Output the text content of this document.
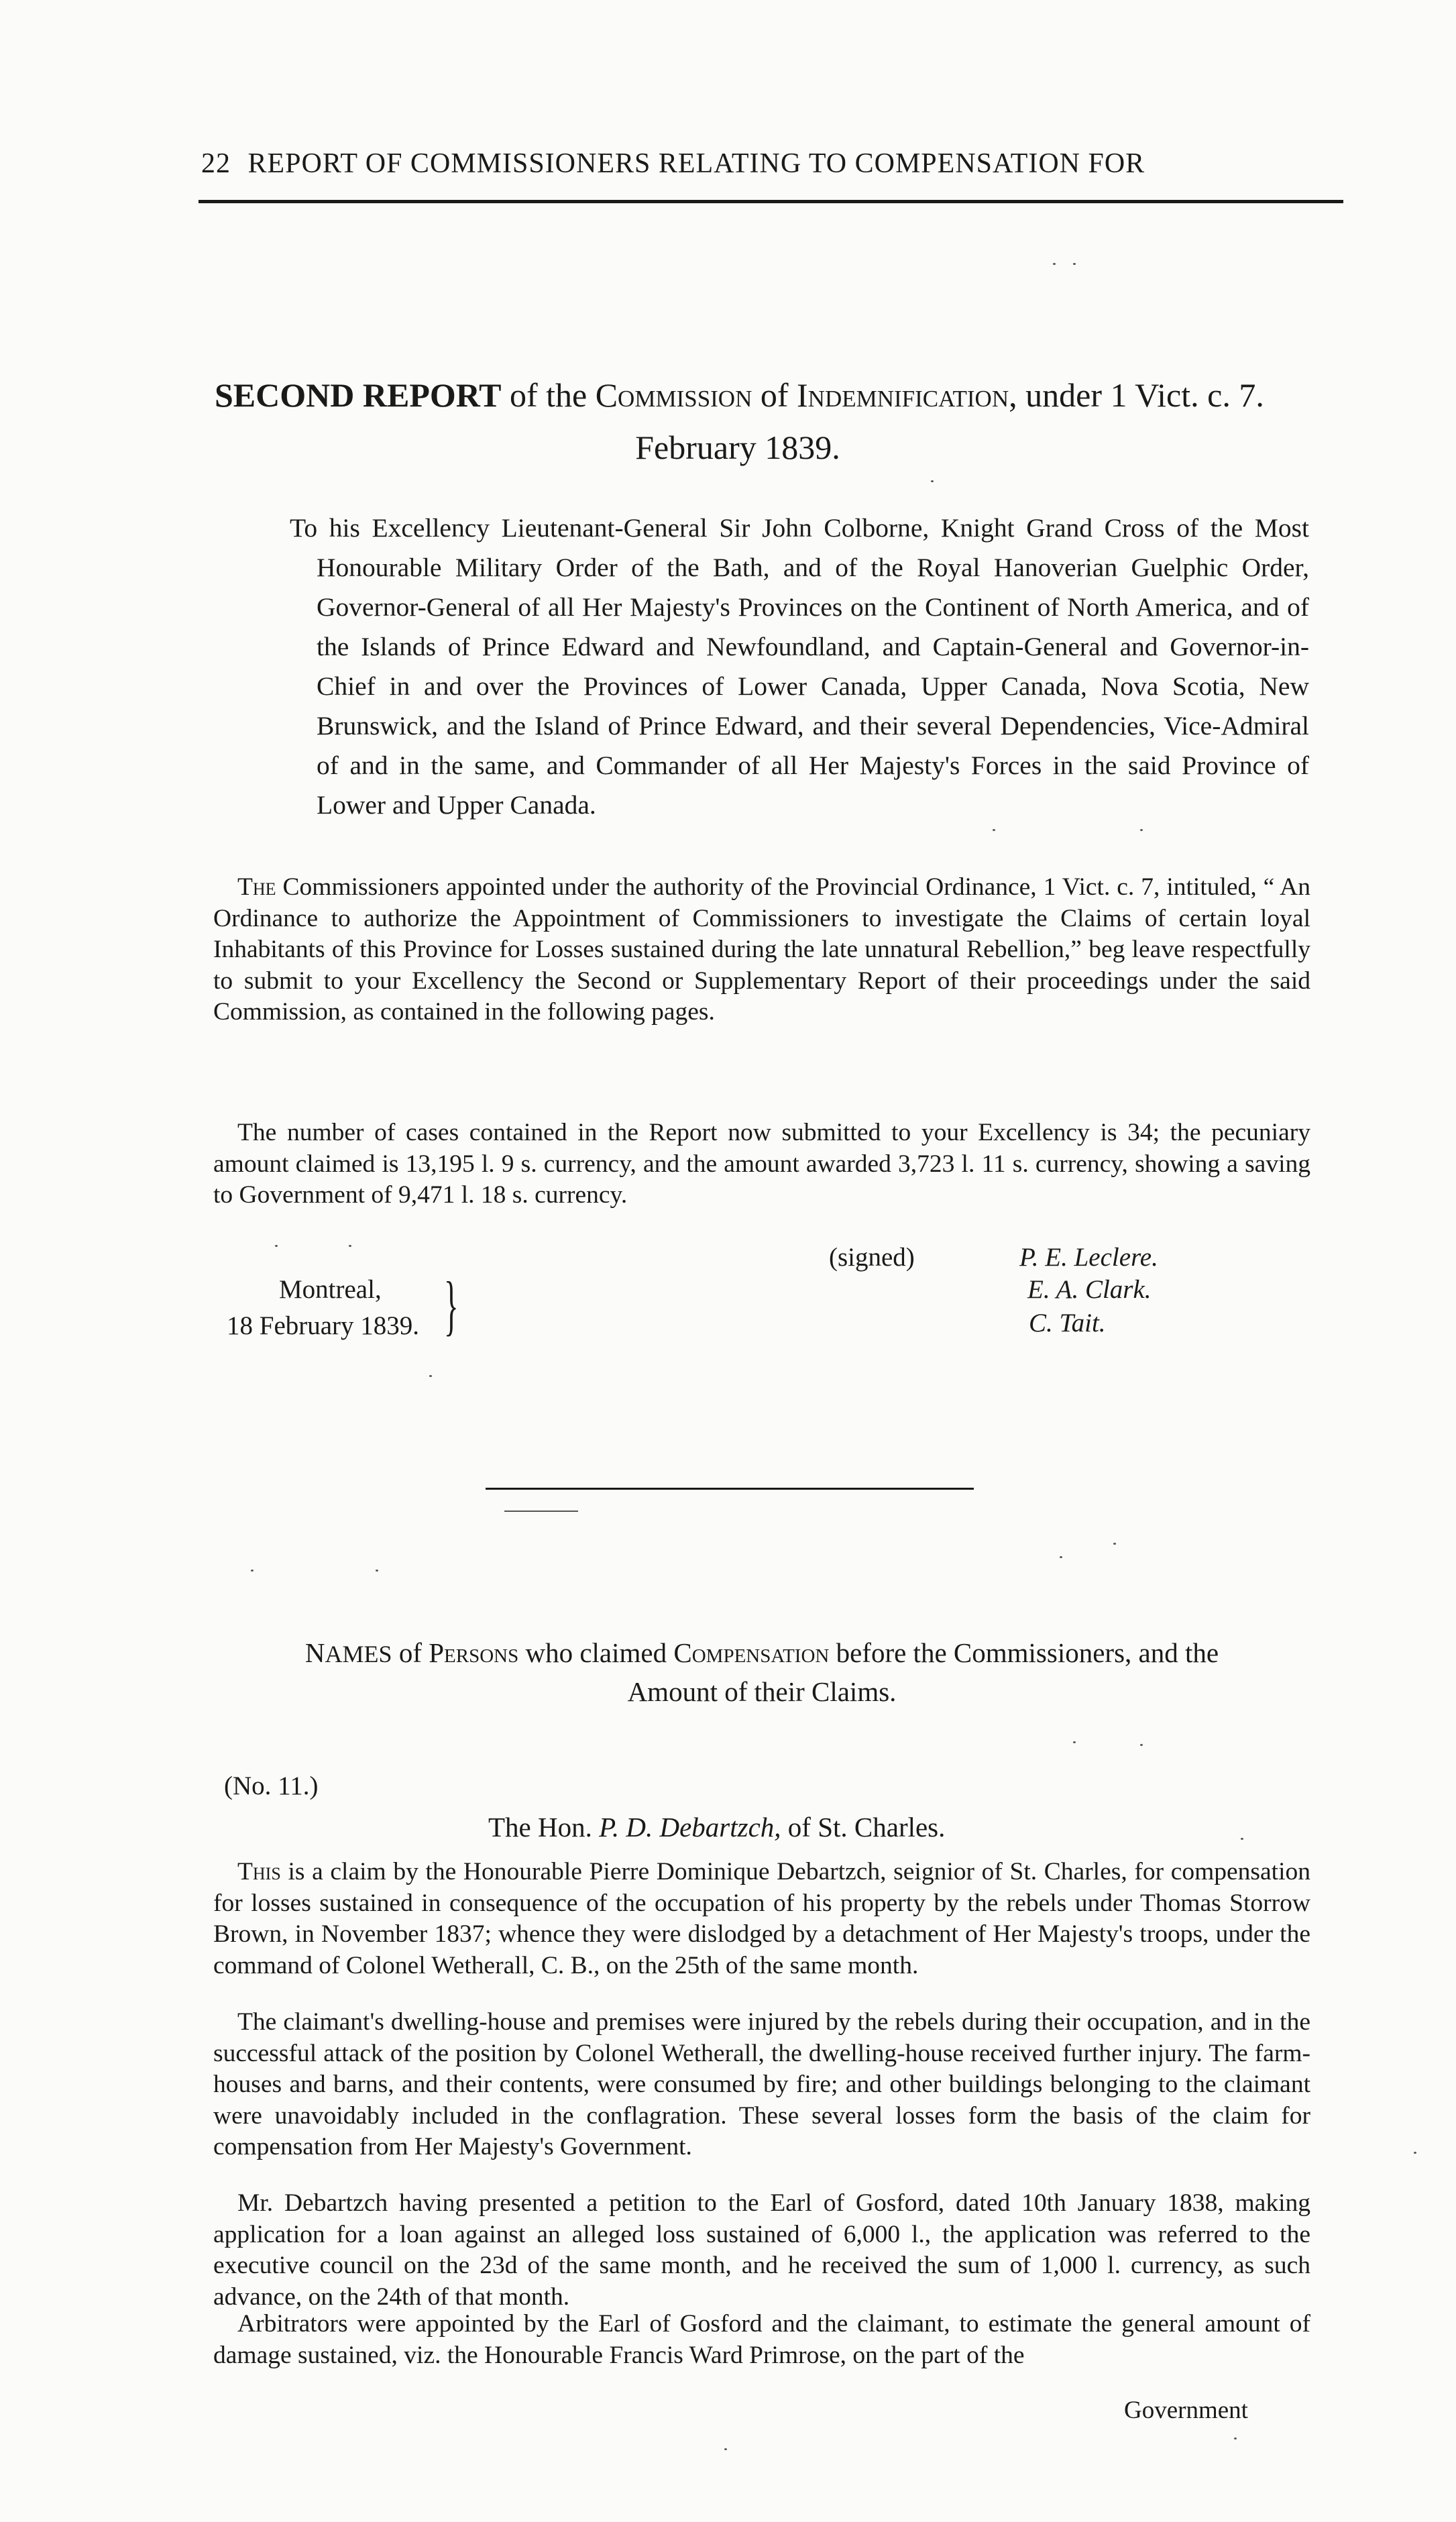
22 REPORT OF COMMISSIONERS RELATING TO COMPENSATION FOR
SECOND REPORT of the Commission of Indemnification, under 1 Vict. c. 7.
February 1839.
To his Excellency Lieutenant-General Sir John Colborne, Knight Grand Cross of the Most Honourable Military Order of the Bath, and of the Royal Hanoverian Guelphic Order, Governor-General of all Her Majesty's Provinces on the Continent of North America, and of the Islands of Prince Edward and Newfoundland, and Captain-General and Governor-in-Chief in and over the Provinces of Lower Canada, Upper Canada, Nova Scotia, New Brunswick, and the Island of Prince Edward, and their several Dependencies, Vice-Admiral of and in the same, and Commander of all Her Majesty's Forces in the said Province of Lower and Upper Canada.
The Commissioners appointed under the authority of the Provincial Ordinance, 1 Vict. c. 7, intituled, “ An Ordinance to authorize the Appointment of Commissioners to investigate the Claims of certain loyal Inhabitants of this Province for Losses sustained during the late unnatural Rebellion,” beg leave respectfully to submit to your Excellency the Second or Supplementary Report of their proceedings under the said Commission, as contained in the following pages.
The number of cases contained in the Report now submitted to your Excellency is 34; the pecuniary amount claimed is 13,195 l. 9 s. currency, and the amount awarded 3,723 l. 11 s. currency, showing a saving to Government of 9,471 l. 18 s. currency.
(signed)	P. E. Leclere.
E. A. Clark.
C. Tait.
Montreal,
18 February 1839. }
NAMES of Persons who claimed Compensation before the Commissioners, and the
Amount of their Claims.
(No. 11.)
The Hon. P. D. Debartzch, of St. Charles.
This is a claim by the Honourable Pierre Dominique Debartzch, seignior of St. Charles, for compensation for losses sustained in consequence of the occupation of his property by the rebels under Thomas Storrow Brown, in November 1837; whence they were dislodged by a detachment of Her Majesty's troops, under the command of Colonel Wetherall, C. B., on the 25th of the same month.
The claimant's dwelling-house and premises were injured by the rebels during their occupation, and in the successful attack of the position by Colonel Wetherall, the dwelling-house received further injury. The farm-houses and barns, and their contents, were consumed by fire; and other buildings belonging to the claimant were unavoidably included in the conflagration. These several losses form the basis of the claim for compensation from Her Majesty's Government.
Mr. Debartzch having presented a petition to the Earl of Gosford, dated 10th January 1838, making application for a loan against an alleged loss sustained of 6,000 l., the application was referred to the executive council on the 23d of the same month, and he received the sum of 1,000 l. currency, as such advance, on the 24th of that month.
Arbitrators were appointed by the Earl of Gosford and the claimant, to estimate the general amount of damage sustained, viz. the Honourable Francis Ward Primrose, on the part of the
Government
